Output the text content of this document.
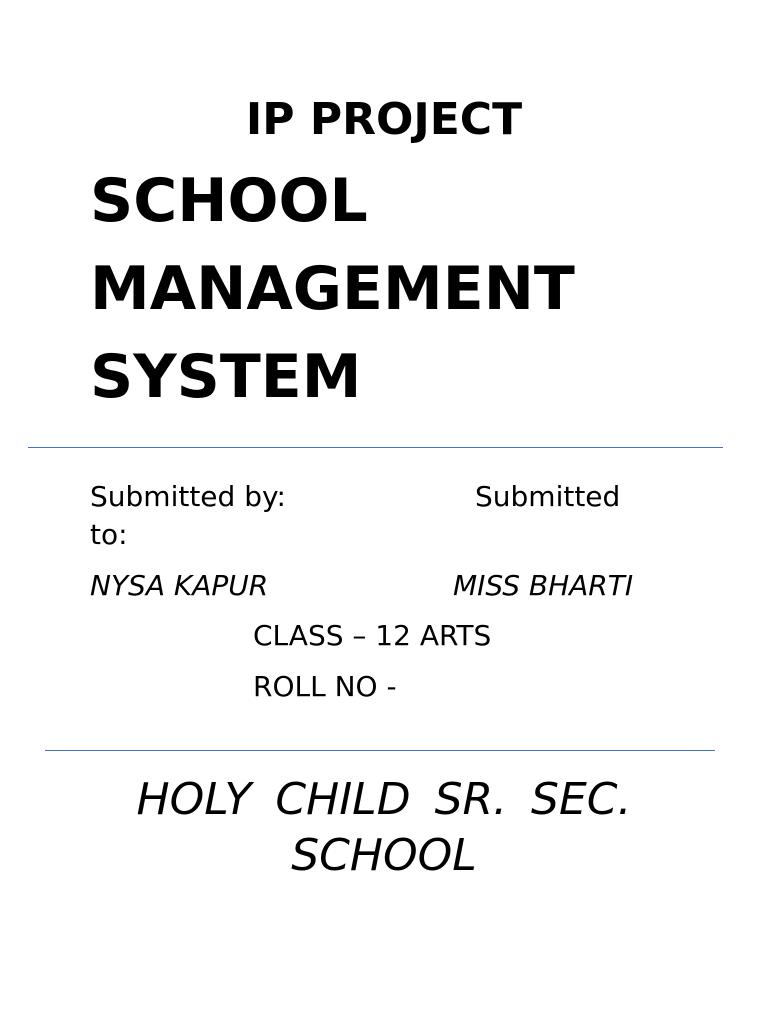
IP PROJECT

SCHOOL

MANAGEMENT

SYSTEM

Submitted by:	Submitted

to:

NYSA KAPUR	MISS BHARTI

CLASS – 12 ARTS

ROLL NO -

HOLY CHILD SR. SEC.

SCHOOL
